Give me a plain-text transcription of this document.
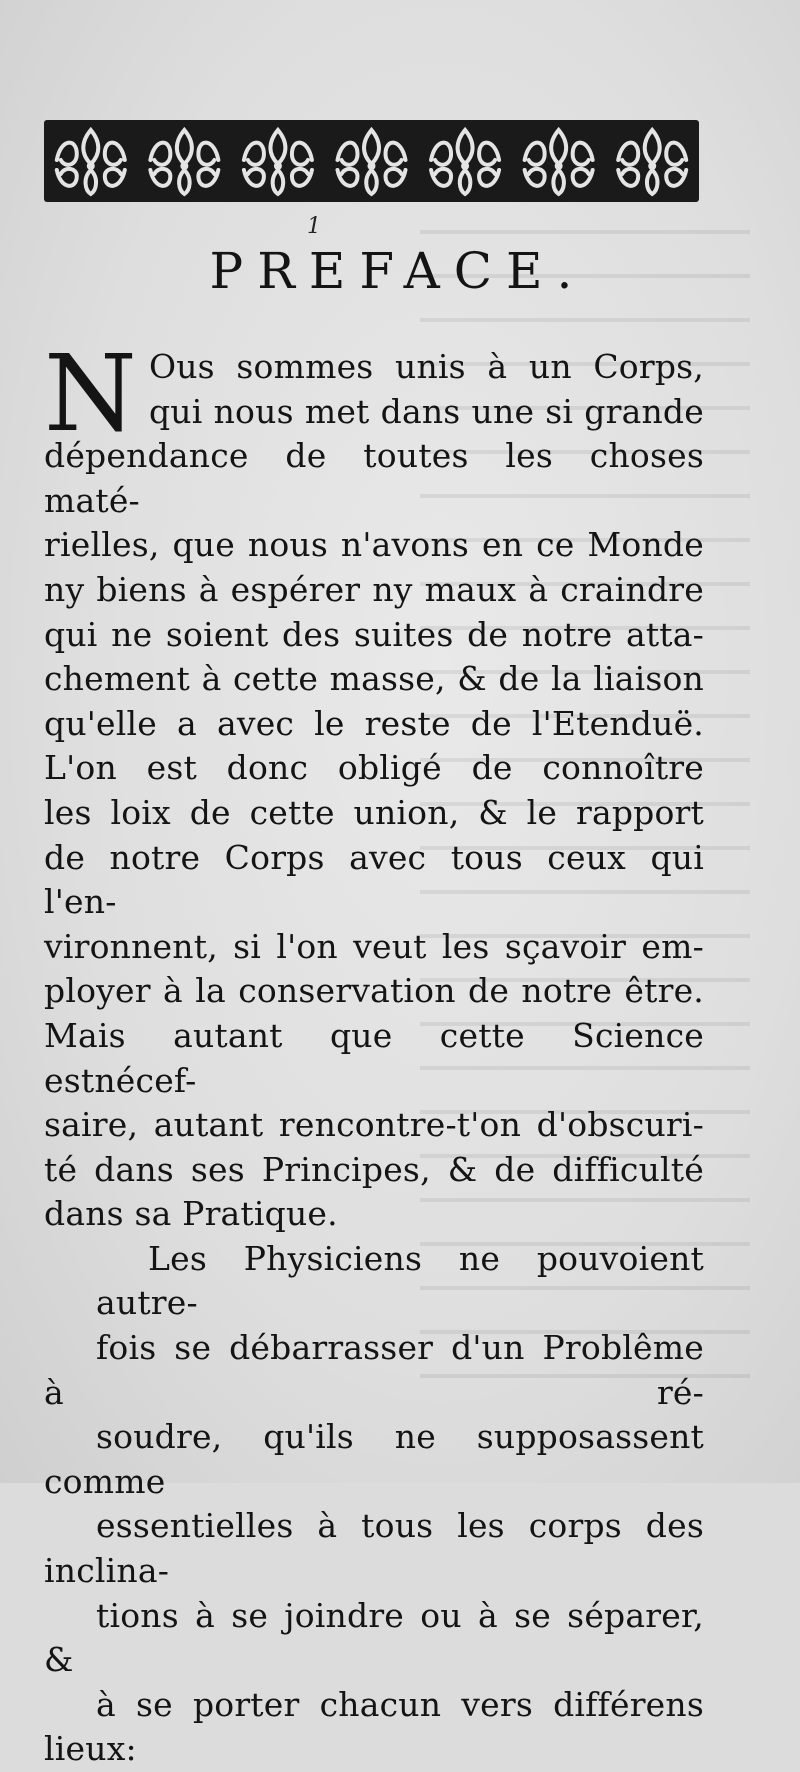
1
PREFACE.
N Ous sommes unis à un Corps,
qui nous met dans une si grande
dépendance de toutes les choses maté-
rielles, que nous n'avons en ce Monde
ny biens à espérer ny maux à craindre
qui ne soient des suites de notre atta-
chement à cette masse, & de la liaison
qu'elle a avec le reste de l'Etenduë.
L'on est donc obligé de connoître
les loix de cette union, & le rapport
de notre Corps avec tous ceux qui l'en-
vironnent, si l'on veut les sçavoir em-
ployer à la conservation de notre être.
Mais autant que cette Science estnécef-
saire, autant rencontre-t'on d'obscuri-
té dans ses Principes, & de difficulté
dans sa Pratique.
Les Physiciens ne pouvoient autre-
fois se débarrasser d'un Problême à ré-
soudre, qu'ils ne supposassent comme
essentielles à tous les corps des inclina-
tions à se joindre ou à se séparer, &
à se porter chacun vers différens lieux:
